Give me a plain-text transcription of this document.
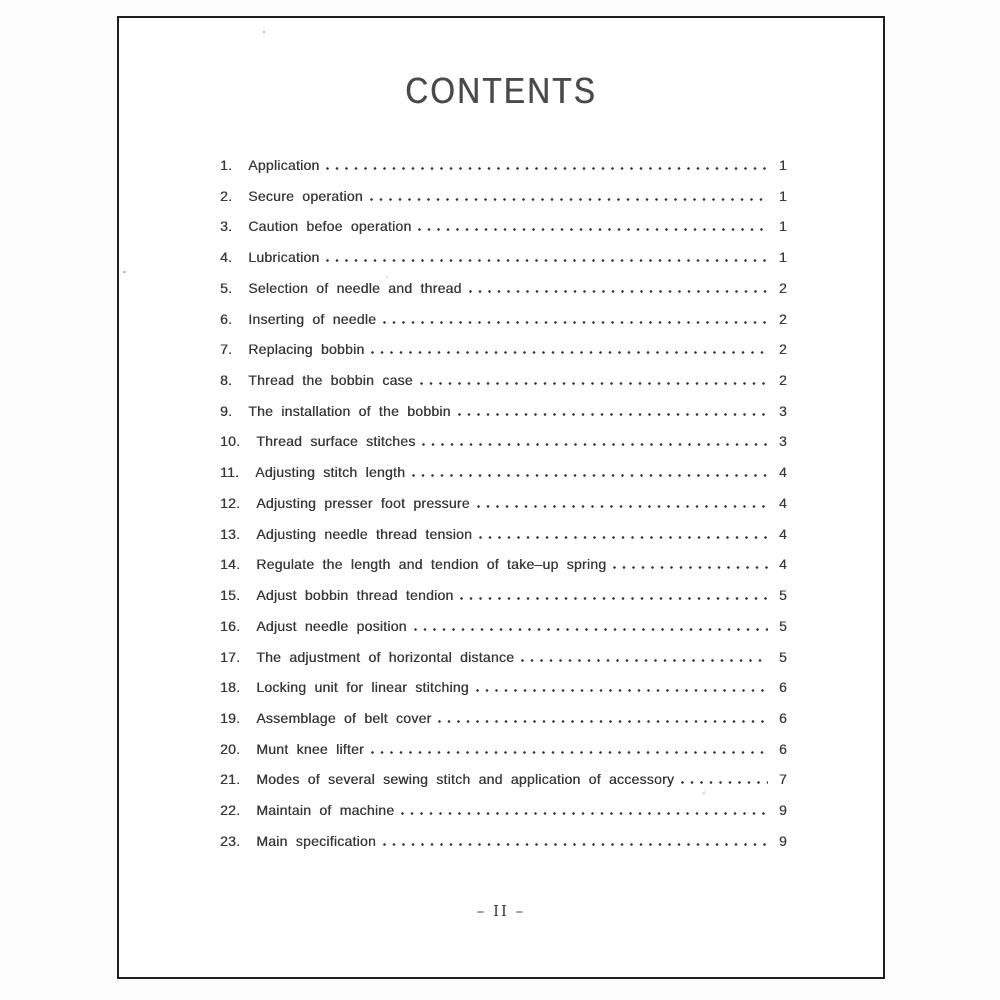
CONTENTS
1. Application	1
2. Secure operation	1
3. Caution befoe operation	1
4. Lubrication	1
5. Selection of needle and thread	2
6. Inserting of needle	2
7. Replacing bobbin	2
8. Thread the bobbin case	2
9. The installation of the bobbin	3
10. Thread surface stitches	3
11. Adjusting stitch length	4
12. Adjusting presser foot pressure	4
13. Adjusting needle thread tension	4
14. Regulate the length and tendion of take–up spring	4
15. Adjust bobbin thread tendion	5
16. Adjust needle position	5
17. The adjustment of horizontal distance	5
18. Locking unit for linear stitching	6
19. Assemblage of belt cover	6
20. Munt knee lifter	6
21. Modes of several sewing stitch and application of accessory	7
22. Maintain of machine	9
23. Main specification	9
– II –
